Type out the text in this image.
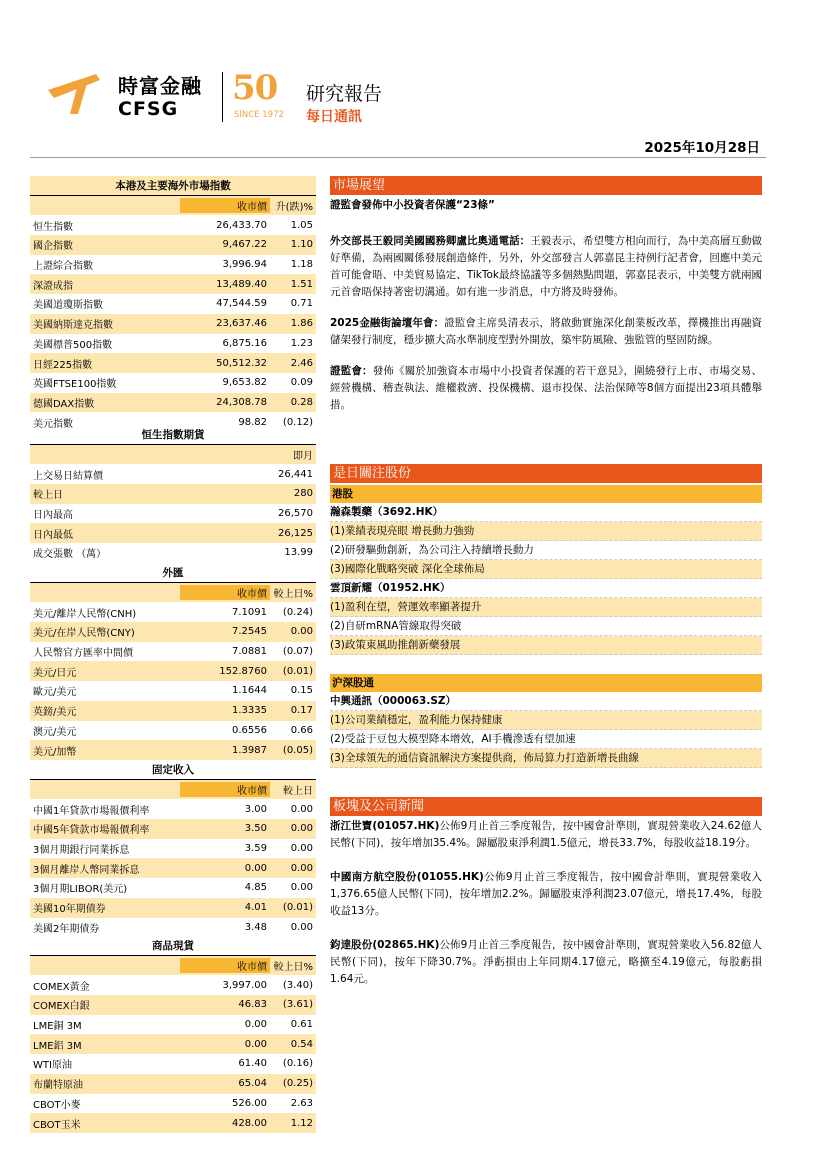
時富金融
CFSG
50
SINCE 1972
研究報告
每日通訊
2025年10月28日
本港及主要海外市場指數
收市價 升(跌)%
恒生指數	26,433.70	1.05
國企指數	9,467.22	1.10
上證綜合指數	3,996.94	1.18
深證成指	13,489.40	1.51
美國道瓊斯指數	47,544.59	0.71
美國納斯達克指數	23,637.46	1.86
美國標普500指數	6,875.16	1.23
日經225指數	50,512.32	2.46
英國FTSE100指數	9,653.82	0.09
德國DAX指數	24,308.78	0.28
美元指數	98.82	(0.12)
恒生指數期貨
即月
上交易日結算價	26,441
較上日	280
日內最高	26,570
日內最低	26,125
成交張數 （萬）	13.99
外匯
收市價 較上日%
美元/離岸人民幣(CNH)	7.1091	(0.24)
美元/在岸人民幣(CNY)	7.2545	0.00
人民幣官方匯率中間價	7.0881	(0.07)
美元/日元	152.8760	(0.01)
歐元/美元	1.1644	0.15
英鎊/美元	1.3335	0.17
澳元/美元	0.6556	0.66
美元/加幣	1.3987	(0.05)
固定收入
收市價	較上日
中國1年貸款市場報價利率	3.00	0.00
中國5年貸款市場報價利率	3.50	0.00
3個月期銀行同業拆息	3.59	0.00
3個月離岸人幣同業拆息	0.00	0.00
3個月期LIBOR(美元)	4.85	0.00
美國10年期債券	4.01	(0.01)
美國2年期債券	3.48	0.00
商品現貨
收市價 較上日%
COMEX黃金	3,997.00	(3.40)
COMEX白銀	46.83	(3.61)
LME銅 3M	0.00	0.61
LME鋁 3M	0.00	0.54
WTI原油	61.40	(0.16)
布蘭特原油	65.04	(0.25)
CBOT小麥	526.00	2.63
CBOT玉米	428.00	1.12
市場展望
證監會發佈中小投資者保護“23條”
外交部長王毅同美國國務卿盧比奧通電話：王毅表示，希望雙方相向而行，為中美高層互動做好準備，為兩國關係發展創造條件，另外，外交部發言人郭嘉昆主持例行記者會，回應中美元首可能會晤、中美貿易協定、TikTok最終協議等多個熱點問題，郭嘉昆表示，中美雙方就兩國元首會晤保持著密切溝通。如有進一步消息，中方將及時發佈。
2025金融街論壇年會：證監會主席吳清表示，將啟動實施深化創業板改革，擇機推出再融資儲架發行制度，穩步擴大高水準制度型對外開放，築牢防風險、強監管的堅固防線。
證監會：發佈《關於加強資本市場中小投資者保護的若干意見》，圍繞發行上市、市場交易、經營機構、稽查執法、維權救濟、投保機構、退市投保、法治保障等8個方面提出23項具體舉措。
是日關注股份
港股
瀚森製藥（3692.HK）
(1)業績表現亮眼 增長動力強勁
(2)研發驅動創新，為公司注入持續增長動力
(3)國際化戰略突破 深化全球佈局
雲頂新耀（01952.HK）
(1)盈利在望，營運效率顯著提升
(2)自研mRNA管線取得突破
(3)政策東風助推創新藥發展
沪深股通
中興通訊（000063.SZ）
(1)公司業績穩定，盈利能力保持健康
(2)受益于豆包大模型降本增效，AI手機滲透有望加速
(3)全球領先的通信資訊解決方案提供商，佈局算力打造新增長曲線
板塊及公司新聞
浙江世寶(01057.HK)公佈9月止首三季度報告，按中國會計準則，實現營業收入24.62億人民幣(下同)，按年增加35.4%。歸屬股東淨利潤1.5億元，增長33.7%，每股收益18.19分。
中國南方航空股份(01055.HK)公佈9月止首三季度報告，按中國會計準則，實現營業收入1,376.65億人民幣(下同)，按年增加2.2%。歸屬股東淨利潤23.07億元，增長17.4%，每股收益13分。
鈞達股份(02865.HK)公佈9月止首三季度報告，按中國會計準則，實現營業收入56.82億人民幣(下同)，按年下降30.7%。淨虧損由上年同期4.17億元，略擴至4.19億元，每股虧損1.64元。
